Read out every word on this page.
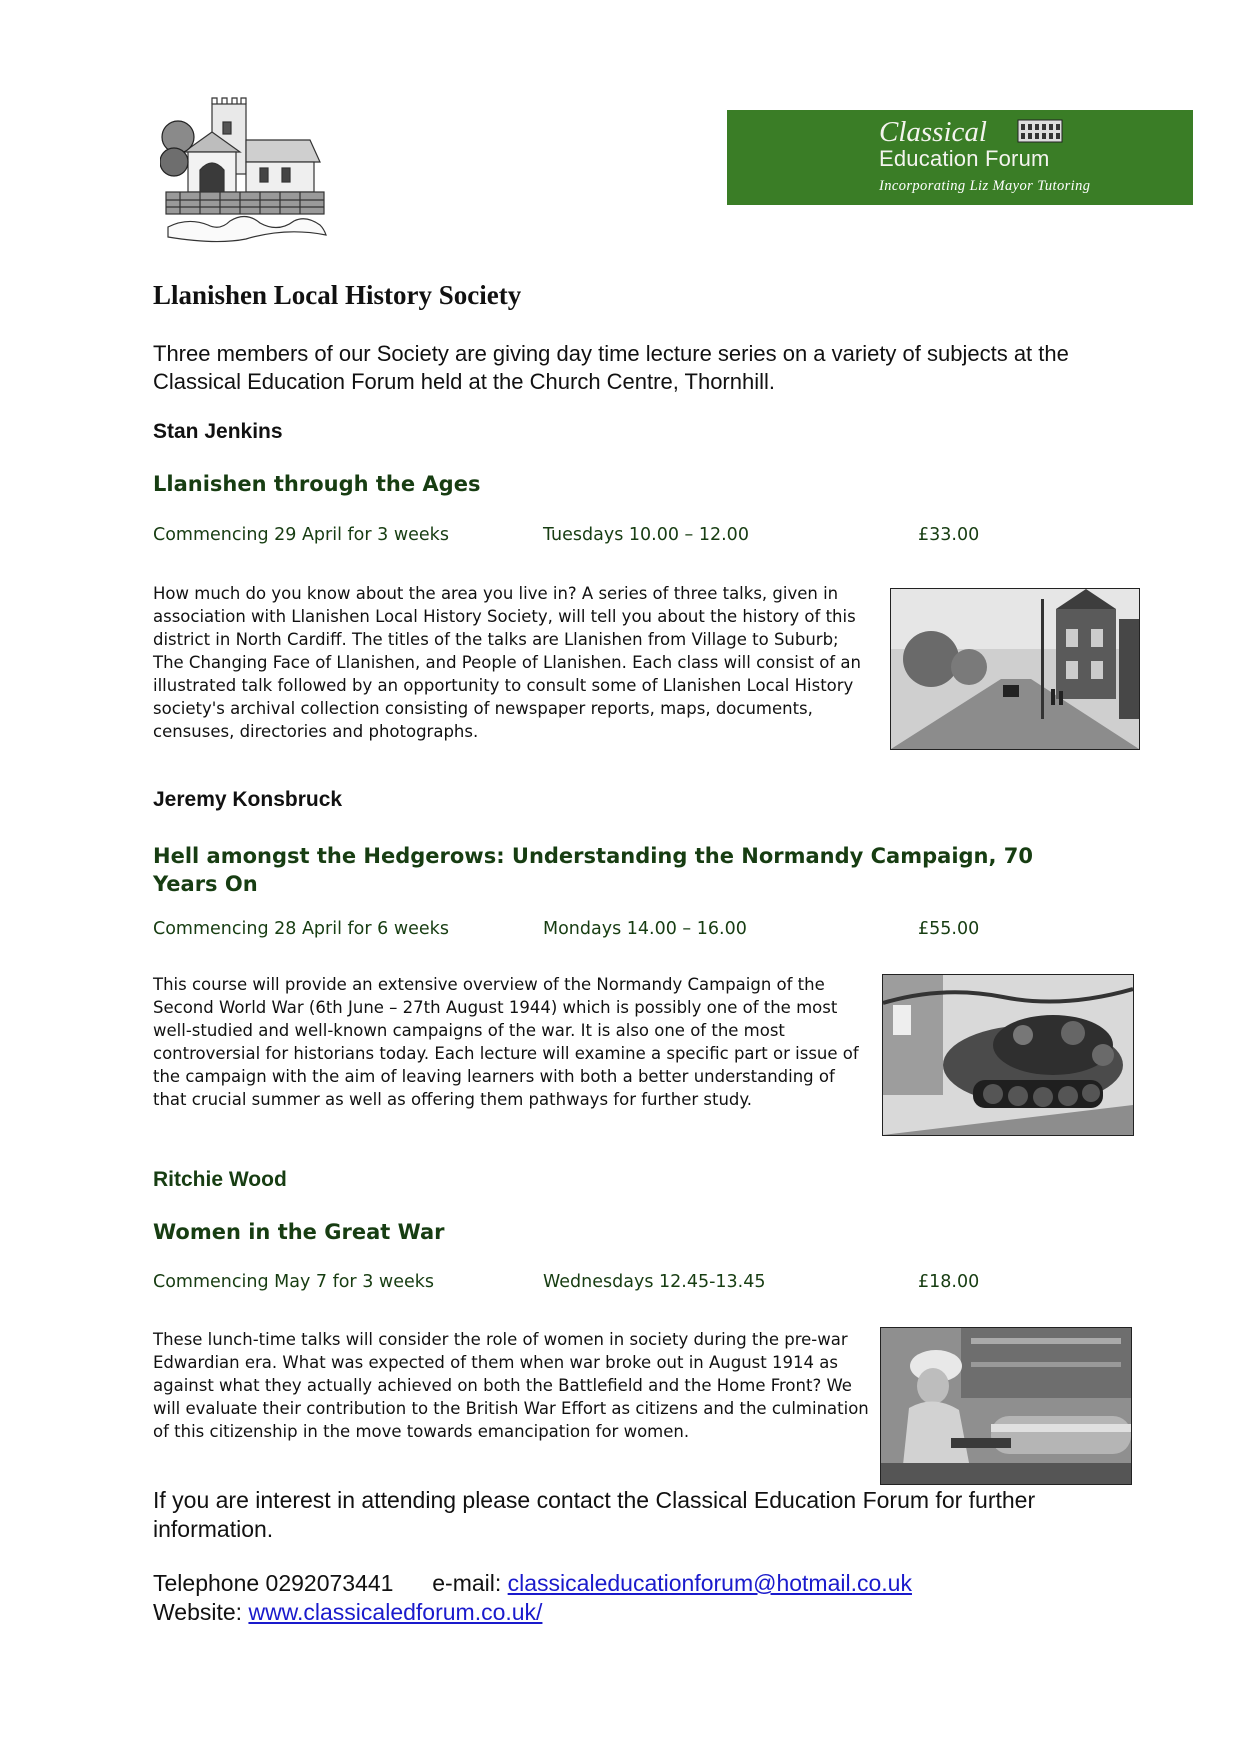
Classical
Education Forum
Incorporating Liz Mayor Tutoring
Llanishen Local History Society
Three members of our Society are giving day time lecture series on a variety of subjects at the Classical Education Forum held at the Church Centre, Thornhill.
Stan Jenkins
Llanishen through the Ages
Commencing 29 April for 3 weeks	Tuesdays 10.00 – 12.00	£33.00
How much do you know about the area you live in? A series of three talks, given in association with Llanishen Local History Society, will tell you about the history of this district in North Cardiff. The titles of the talks are Llanishen from Village to Suburb; The Changing Face of Llanishen, and People of Llanishen. Each class will consist of an illustrated talk followed by an opportunity to consult some of Llanishen Local History society's archival collection consisting of newspaper reports, maps, documents, censuses, directories and photographs.
Jeremy Konsbruck
Hell amongst the Hedgerows: Understanding the Normandy Campaign, 70 Years On
Commencing 28 April for 6 weeks	Mondays 14.00 – 16.00	£55.00
This course will provide an extensive overview of the Normandy Campaign of the Second World War (6th June – 27th August 1944) which is possibly one of the most well-studied and well-known campaigns of the war. It is also one of the most controversial for historians today. Each lecture will examine a specific part or issue of the campaign with the aim of leaving learners with both a better understanding of that crucial summer as well as offering them pathways for further study.
Ritchie Wood
Women in the Great War
Commencing May 7 for 3 weeks	Wednesdays 12.45-13.45	£18.00
These lunch-time talks will consider the role of women in society during the pre-war Edwardian era. What was expected of them when war broke out in August 1914 as against what they actually achieved on both the Battlefield and the Home Front? We will evaluate their contribution to the British War Effort as citizens and the culmination of this citizenship in the move towards emancipation for women.
If you are interest in attending please contact the Classical Education Forum for further information.
Telephone 0292073441 e-mail: classicaleducationforum@hotmail.co.uk
Website: www.classicaledforum.co.uk/
